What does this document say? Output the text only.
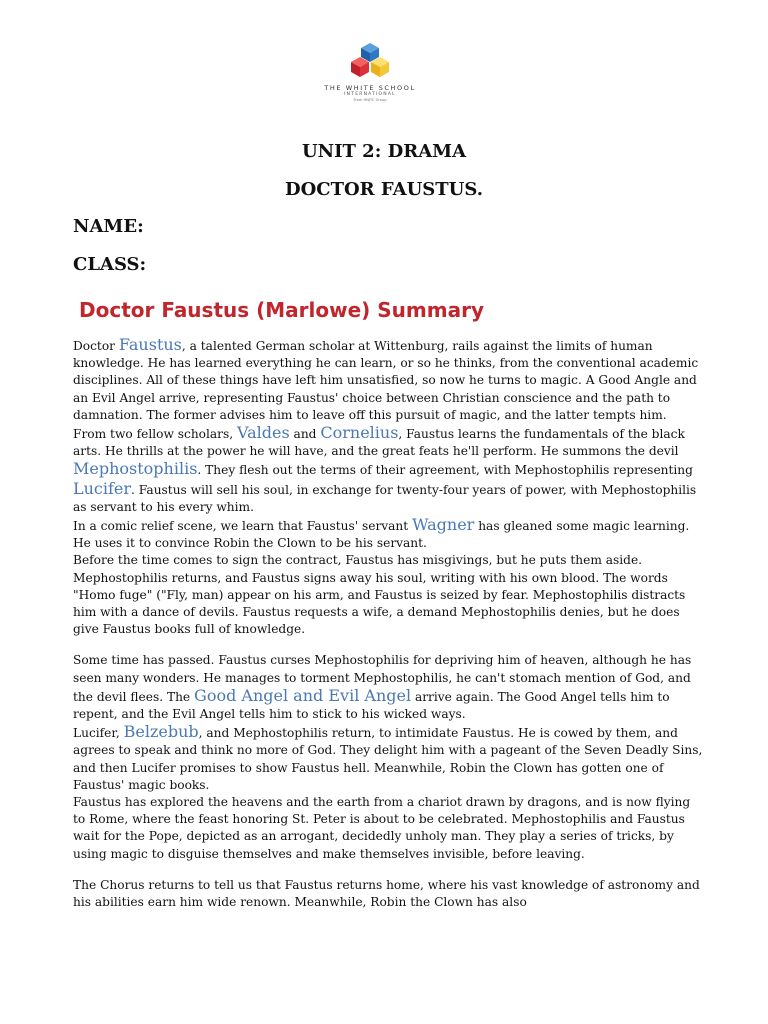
THE WHITE SCHOOL
INTERNATIONAL
From HNJTC Group
UNIT 2: DRAMA
DOCTOR FAUSTUS.
NAME:
CLASS:
Doctor Faustus (Marlowe) Summary

Doctor Faustus, a talented German scholar at Wittenburg, rails against the limits of human knowledge. He has learned everything he can learn, or so he thinks, from the conventional academic disciplines. All of these things have left him unsatisfied, so now he turns to magic. A Good Angle and an Evil Angel arrive, representing Faustus' choice between Christian conscience and the path to damnation. The former advises him to leave off this pursuit of magic, and the latter tempts him. From two fellow scholars, Valdes and Cornelius, Faustus learns the fundamentals of the black arts. He thrills at the power he will have, and the great feats he'll perform. He summons the devil Mephostophilis. They flesh out the terms of their agreement, with Mephostophilis representing Lucifer. Faustus will sell his soul, in exchange for twenty-four years of power, with Mephostophilis as servant to his every whim.

In a comic relief scene, we learn that Faustus' servant Wagner has gleaned some magic learning. He uses it to convince Robin the Clown to be his servant.

Before the time comes to sign the contract, Faustus has misgivings, but he puts them aside. Mephostophilis returns, and Faustus signs away his soul, writing with his own blood. The words "Homo fuge" ("Fly, man) appear on his arm, and Faustus is seized by fear. Mephostophilis distracts him with a dance of devils. Faustus requests a wife, a demand Mephostophilis denies, but he does give Faustus books full of knowledge.

Some time has passed. Faustus curses Mephostophilis for depriving him of heaven, although he has seen many wonders. He manages to torment Mephostophilis, he can't stomach mention of God, and the devil flees. The Good Angel and Evil Angel arrive again. The Good Angel tells him to repent, and the Evil Angel tells him to stick to his wicked ways.

Lucifer, Belzebub, and Mephostophilis return, to intimidate Faustus. He is cowed by them, and agrees to speak and think no more of God. They delight him with a pageant of the Seven Deadly Sins, and then Lucifer promises to show Faustus hell. Meanwhile, Robin the Clown has gotten one of Faustus' magic books.

Faustus has explored the heavens and the earth from a chariot drawn by dragons, and is now flying to Rome, where the feast honoring St. Peter is about to be celebrated. Mephostophilis and Faustus wait for the Pope, depicted as an arrogant, decidedly unholy man. They play a series of tricks, by using magic to disguise themselves and make themselves invisible, before leaving.

The Chorus returns to tell us that Faustus returns home, where his vast knowledge of astronomy and his abilities earn him wide renown. Meanwhile, Robin the Clown has also
